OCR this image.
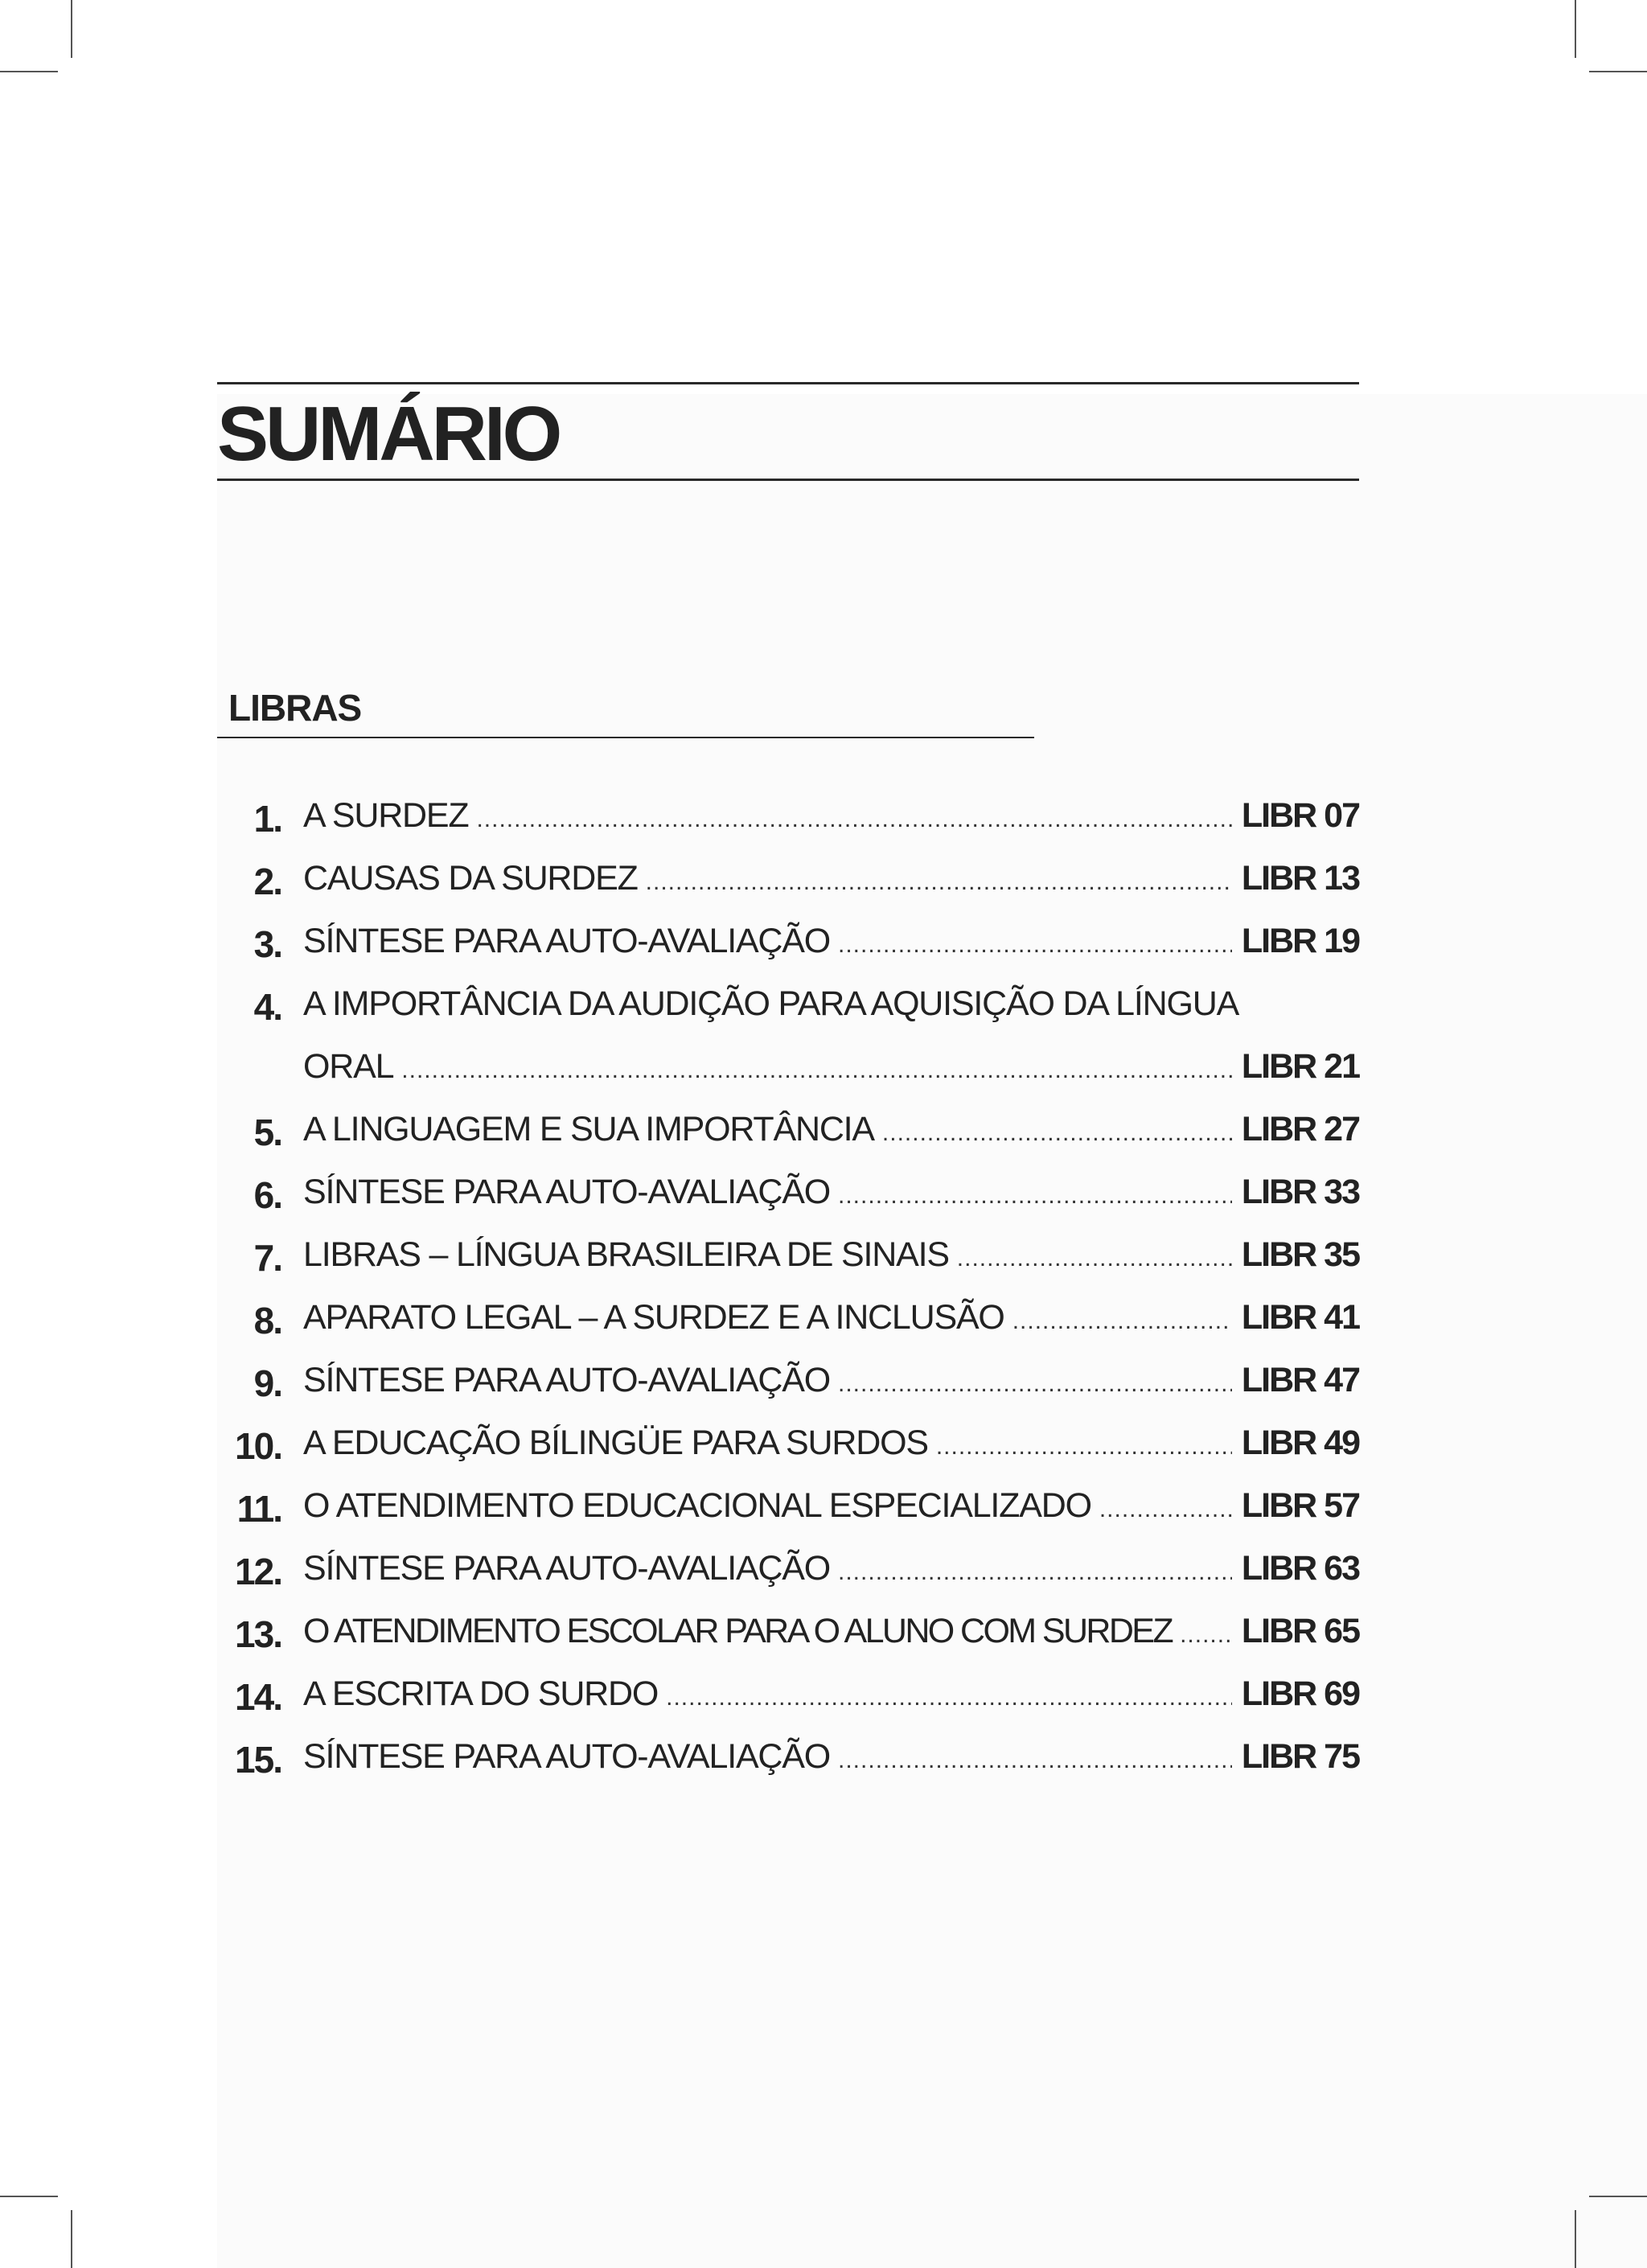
SUMÁRIO
LIBRAS
1. A SURDEZ .....	LIBR 07
2. CAUSAS DA SURDEZ .....	LIBR 13
3. SÍNTESE PARA AUTO-AVALIAÇÃO .....	LIBR 19
4. A IMPORTÂNCIA DA AUDIÇÃO PARA AQUISIÇÃO DA LÍNGUA
ORAL .....	LIBR 21
5. A LINGUAGEM E SUA IMPORTÂNCIA .....	LIBR 27
6. SÍNTESE PARA AUTO-AVALIAÇÃO .....	LIBR 33
7. LIBRAS – LÍNGUA BRASILEIRA DE SINAIS .....	LIBR 35
8. APARATO LEGAL – A SURDEZ E A INCLUSÃO .....	LIBR 41
9. SÍNTESE PARA AUTO-AVALIAÇÃO .....	LIBR 47
10. A EDUCAÇÃO BÍLINGÜE PARA SURDOS .....	LIBR 49
11. O ATENDIMENTO EDUCACIONAL ESPECIALIZADO .....	LIBR 57
12. SÍNTESE PARA AUTO-AVALIAÇÃO .....	LIBR 63
13. O ATENDIMENTO ESCOLAR PARA O ALUNO COM SURDEZ ..... LIBR 65
14. A ESCRITA DO SURDO .....	LIBR 69
15. SÍNTESE PARA AUTO-AVALIAÇÃO .....	LIBR 75
